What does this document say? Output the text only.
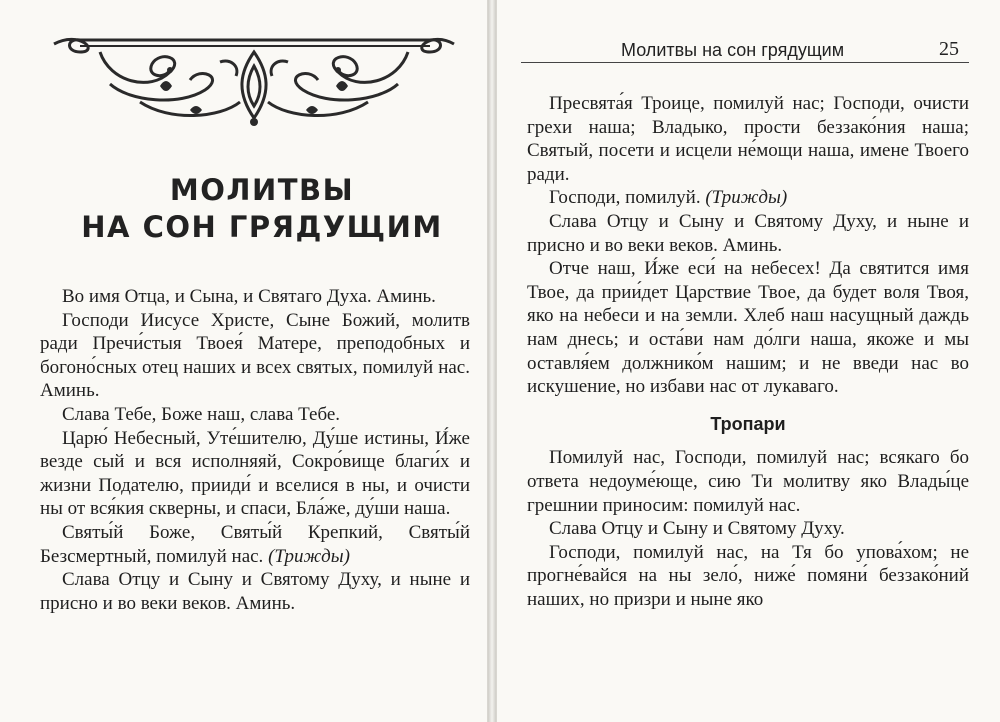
МОЛИТВЫ
НА СОН ГРЯДУЩИМ

Во имя Отца, и Сына, и Святаго Духа. Аминь.

Господи Иисусе Христе, Сыне Божий, молитв ради Пречи́стыя Твоея́ Матере, преподобных и богоно́сных отец наших и всех святых, помилуй нас. Аминь.

Слава Тебе, Боже наш, слава Тебе.

Царю́ Небесный, Уте́шителю, Ду́ше истины, И́же везде сый и вся исполняяй, Сокро́вище благи́х и жизни Подателю, прииди́ и вселися в ны, и очисти ны от вся́кия скверны, и спаси, Бла́же, ду́ши наша.

Святы́й Боже, Святы́й Крепкий, Святы́й Безсмертный, помилуй нас. (Трижды)

Слава Отцу и Сыну и Святому Духу, и ныне и присно и во веки веков. Аминь.

Молитвы на сон грядущим	25

Пресвята́я Троице, помилуй нас; Господи, очисти грехи наша; Владыко, прости беззако́ния наша; Святый, посети и исцели не́мощи наша, имене Твоего ради.

Господи, помилуй. (Трижды)

Слава Отцу и Сыну и Святому Духу, и ныне и присно и во веки веков. Аминь.

Отче наш, И́же еси́ на небесех! Да святится имя Твое, да прии́дет Царствие Твое, да будет воля Твоя, яко на небеси и на земли. Хлеб наш насущный даждь нам днесь; и оста́ви нам до́лги наша, якоже и мы оставля́ем должнико́м нашим; и не введи нас во искушение, но избави нас от лукаваго.

Тропари

Помилуй нас, Господи, помилуй нас; всякаго бо ответа недоуме́юще, сию Ти молитву яко Влады́це грешнии приносим: помилуй нас.

Слава Отцу и Сыну и Святому Духу.

Господи, помилуй нас, на Тя бо упова́хом; не прогне́вайся на ны зело́, ниже́ помяни́ беззако́ний наших, но призри и ныне яко
